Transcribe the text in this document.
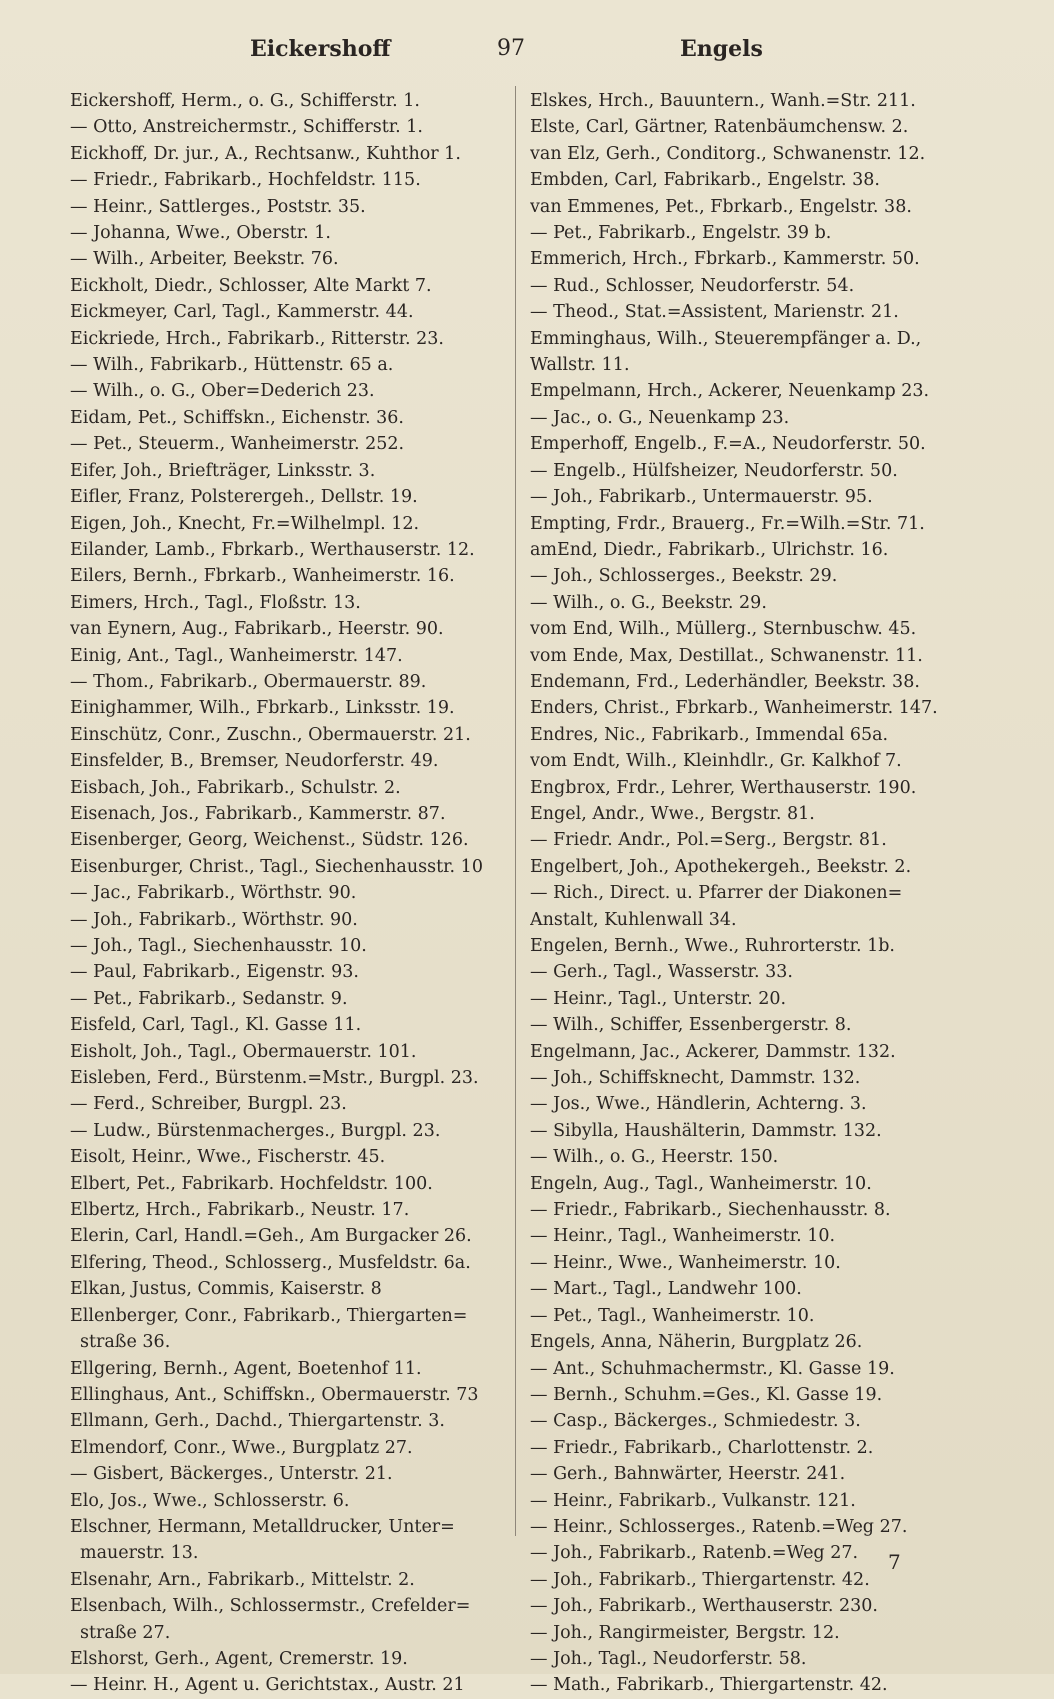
Eickershoff	97	Engels
Eickershoff, Herm., o. G., Schifferstr. 1.
— Otto, Anstreichermstr., Schifferstr. 1.
Eickhoff, Dr. jur., A., Rechtsanw., Kuhthor 1.
— Friedr., Fabrikarb., Hochfeldstr. 115.
— Heinr., Sattlerges., Poststr. 35.
— Johanna, Wwe., Oberstr. 1.
— Wilh., Arbeiter, Beekstr. 76.
Eickholt, Diedr., Schlosser, Alte Markt 7.
Eickmeyer, Carl, Tagl., Kammerstr. 44.
Eickriede, Hrch., Fabrikarb., Ritterstr. 23.
— Wilh., Fabrikarb., Hüttenstr. 65 a.
— Wilh., o. G., Ober=Dederich 23.
Eidam, Pet., Schiffskn., Eichenstr. 36.
— Pet., Steuerm., Wanheimerstr. 252.
Eifer, Joh., Briefträger, Linksstr. 3.
Eifler, Franz, Polsterergeh., Dellstr. 19.
Eigen, Joh., Knecht, Fr.=Wilhelmpl. 12.
Eilander, Lamb., Fbrkarb., Werthauserstr. 12.
Eilers, Bernh., Fbrkarb., Wanheimerstr. 16.
Eimers, Hrch., Tagl., Floßstr. 13.
van Eynern, Aug., Fabrikarb., Heerstr. 90.
Einig, Ant., Tagl., Wanheimerstr. 147.
— Thom., Fabrikarb., Obermauerstr. 89.
Einighammer, Wilh., Fbrkarb., Linksstr. 19.
Einschütz, Conr., Zuschn., Obermauerstr. 21.
Einsfelder, B., Bremser, Neudorferstr. 49.
Eisbach, Joh., Fabrikarb., Schulstr. 2.
Eisenach, Jos., Fabrikarb., Kammerstr. 87.
Eisenberger, Georg, Weichenst., Südstr. 126.
Eisenburger, Christ., Tagl., Siechenhausstr. 10
— Jac., Fabrikarb., Wörthstr. 90.
— Joh., Fabrikarb., Wörthstr. 90.
— Joh., Tagl., Siechenhausstr. 10.
— Paul, Fabrikarb., Eigenstr. 93.
— Pet., Fabrikarb., Sedanstr. 9.
Eisfeld, Carl, Tagl., Kl. Gasse 11.
Eisholt, Joh., Tagl., Obermauerstr. 101.
Eisleben, Ferd., Bürstenm.=Mstr., Burgpl. 23.
— Ferd., Schreiber, Burgpl. 23.
— Ludw., Bürstenmacherges., Burgpl. 23.
Eisolt, Heinr., Wwe., Fischerstr. 45.
Elbert, Pet., Fabrikarb. Hochfeldstr. 100.
Elbertz, Hrch., Fabrikarb., Neustr. 17.
Elerin, Carl, Handl.=Geh., Am Burgacker 26.
Elfering, Theod., Schlosserg., Musfeldstr. 6a.
Elkan, Justus, Commis, Kaiserstr. 8
Ellenberger, Conr., Fabrikarb., Thiergarten=
straße 36.
Ellgering, Bernh., Agent, Boetenhof 11.
Ellinghaus, Ant., Schiffskn., Obermauerstr. 73
Ellmann, Gerh., Dachd., Thiergartenstr. 3.
Elmendorf, Conr., Wwe., Burgplatz 27.
— Gisbert, Bäckerges., Unterstr. 21.
Elo, Jos., Wwe., Schlosserstr. 6.
Elschner, Hermann, Metalldrucker, Unter=
mauerstr. 13.
Elsenahr, Arn., Fabrikarb., Mittelstr. 2.
Elsenbach, Wilh., Schlossermstr., Crefelder=
straße 27.
Elshorst, Gerh., Agent, Cremerstr. 19.
— Heinr. H., Agent u. Gerichtstax., Austr. 21
Elskes, Hrch., Bauuntern., Wanh.=Str. 211.
Elste, Carl, Gärtner, Ratenbäumchensw. 2.
van Elz, Gerh., Conditorg., Schwanenstr. 12.
Embden, Carl, Fabrikarb., Engelstr. 38.
van Emmenes, Pet., Fbrkarb., Engelstr. 38.
— Pet., Fabrikarb., Engelstr. 39 b.
Emmerich, Hrch., Fbrkarb., Kammerstr. 50.
— Rud., Schlosser, Neudorferstr. 54.
— Theod., Stat.=Assistent, Marienstr. 21.
Emminghaus, Wilh., Steuerempfänger a. D.,
Wallstr. 11.
Empelmann, Hrch., Ackerer, Neuenkamp 23.
— Jac., o. G., Neuenkamp 23.
Emperhoff, Engelb., F.=A., Neudorferstr. 50.
— Engelb., Hülfsheizer, Neudorferstr. 50.
— Joh., Fabrikarb., Untermauerstr. 95.
Empting, Frdr., Brauerg., Fr.=Wilh.=Str. 71.
amEnd, Diedr., Fabrikarb., Ulrichstr. 16.
— Joh., Schlosserges., Beekstr. 29.
— Wilh., o. G., Beekstr. 29.
vom End, Wilh., Müllerg., Sternbuschw. 45.
vom Ende, Max, Destillat., Schwanenstr. 11.
Endemann, Frd., Lederhändler, Beekstr. 38.
Enders, Christ., Fbrkarb., Wanheimerstr. 147.
Endres, Nic., Fabrikarb., Immendal 65a.
vom Endt, Wilh., Kleinhdlr., Gr. Kalkhof 7.
Engbrox, Frdr., Lehrer, Werthauserstr. 190.
Engel, Andr., Wwe., Bergstr. 81.
— Friedr. Andr., Pol.=Serg., Bergstr. 81.
Engelbert, Joh., Apothekergeh., Beekstr. 2.
— Rich., Direct. u. Pfarrer der Diakonen=
Anstalt, Kuhlenwall 34.
Engelen, Bernh., Wwe., Ruhrorterstr. 1b.
— Gerh., Tagl., Wasserstr. 33.
— Heinr., Tagl., Unterstr. 20.
— Wilh., Schiffer, Essenbergerstr. 8.
Engelmann, Jac., Ackerer, Dammstr. 132.
— Joh., Schiffsknecht, Dammstr. 132.
— Jos., Wwe., Händlerin, Achterng. 3.
— Sibylla, Haushälterin, Dammstr. 132.
— Wilh., o. G., Heerstr. 150.
Engeln, Aug., Tagl., Wanheimerstr. 10.
— Friedr., Fabrikarb., Siechenhausstr. 8.
— Heinr., Tagl., Wanheimerstr. 10.
— Heinr., Wwe., Wanheimerstr. 10.
— Mart., Tagl., Landwehr 100.
— Pet., Tagl., Wanheimerstr. 10.
Engels, Anna, Näherin, Burgplatz 26.
— Ant., Schuhmachermstr., Kl. Gasse 19.
— Bernh., Schuhm.=Ges., Kl. Gasse 19.
— Casp., Bäckerges., Schmiedestr. 3.
— Friedr., Fabrikarb., Charlottenstr. 2.
— Gerh., Bahnwärter, Heerstr. 241.
— Heinr., Fabrikarb., Vulkanstr. 121.
— Heinr., Schlosserges., Ratenb.=Weg 27.
— Joh., Fabrikarb., Ratenb.=Weg 27.
— Joh., Fabrikarb., Thiergartenstr. 42.
— Joh., Fabrikarb., Werthauserstr. 230.
— Joh., Rangirmeister, Bergstr. 12.
— Joh., Tagl., Neudorferstr. 58.
— Math., Fabrikarb., Thiergartenstr. 42.
7
